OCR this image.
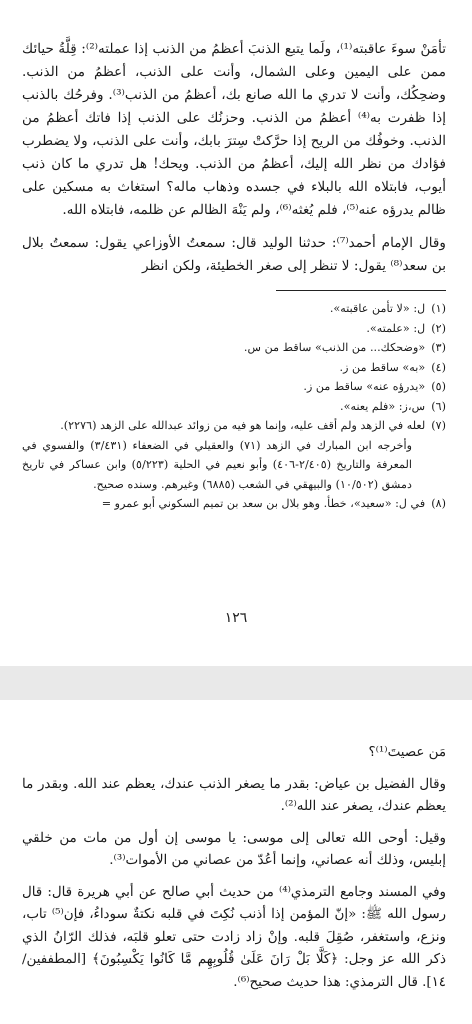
تأمَنْ سوءَ عاقبته⁽¹⁾، ولَما يتبع الذنبَ أعظمُ من الذنب إذا عملته⁽²⁾: قِلَّةُ حيائك ممن على اليمين وعلى الشمال، وأنت على الذنب، أعظمُ من الذنب. وضحِكُك، وأنت لا تدري ما الله صانع بك، أعظمُ من الذنب⁽³⁾. وفرحُك بالذنب إذا ظفرت به⁽⁴⁾ أعظمُ من الذنب. وحزنُك على الذنب إذا فاتك أعظمُ من الذنب. وخوفُك من الريح إذا حرَّكتْ سِترَ بابك، وأنت على الذنب، ولا يضطرب فؤادك من نظر الله إليك، أعظمُ من الذنب. ويحك! هل تدري ما كان ذنب أيوب، فابتلاه الله بالبلاء في جسده وذهاب ماله؟ استغاث به مسكين على ظالم يدرؤه عنه⁽⁵⁾، فلم يُغثه⁽⁶⁾، ولم يَنْهَ الظالم عن ظلمه، فابتلاه الله.

وقال الإمام أحمد⁽⁷⁾: حدثنا الوليد قال: سمعتُ الأوزاعي يقول: سمعتُ بلال بن سعد⁽⁸⁾ يقول: لا تنظر إلى صغر الخطيئة، ولكن انظر

(١)
ل: «لا تأمن عاقبته».
(٢)
ل: «علمته».
(٣)
«وضحكك... من الذنب» ساقط من س.
(٤)
«به» ساقط من ز.
(٥)
«يدرؤه عنه» ساقط من ز.
(٦)
س،ز: «فلم يعنه».
(٧)
لعله في الزهد ولم أقف عليه، وإنما هو فيه من زوائد عبدالله على الزهد (٢٢٧٦).
وأخرجه ابن المبارك في الزهد (٧١) والعقيلي في الضعفاء (٣/٤٣١) والفسوي في المعرفة والتاريخ (٢/٤٠٥-٤٠٦) وأبو نعيم في الحلية (٥/٢٢٣) وابن عساكر في تاريخ دمشق (١٠/٥٠٢) والبيهقي في الشعب (٦٨٨٥) وغيرهم. وسنده صحيح.
(٨)
في ل: «سعيد»، خطأ. وهو بلال بن سعد بن تميم السكوني أبو عمرو =
١٢٦

مَن عصيتَ⁽¹⁾؟

وقال الفضيل بن عياض: بقدر ما يصغر الذنب عندك، يعظم عند الله. وبقدر ما يعظم عندك، يصغر عند الله⁽²⁾.

وقيل: أوحى الله تعالى إلى موسى: يا موسى إن أول من مات من خلقي إبليس، وذلك أنه عصاني، وإنما أعُدّ من عصاني من الأموات⁽³⁾.

وفي المسند وجامع الترمذي⁽⁴⁾ من حديث أبي صالح عن أبي هريرة قال: قال رسول الله ﷺ: «إنّ المؤمن إذا أذنب نُكِتَ في قلبه نكتةٌ سوداءُ، فإن⁽⁵⁾ تاب، ونزع، واستغفر، صُقِلَ قلبه. وإنْ زاد زادت حتى تعلو قلبَه، فذلك الرّانُ الذي ذكر الله عز وجل: ﴿كَلَّا بَلْ رَانَ عَلَىٰ قُلُوبِهِم مَّا كَانُوا يَكْسِبُونَ﴾ [المطففين/ ١٤]. قال الترمذي: هذا حديث صحيح⁽⁶⁾.
